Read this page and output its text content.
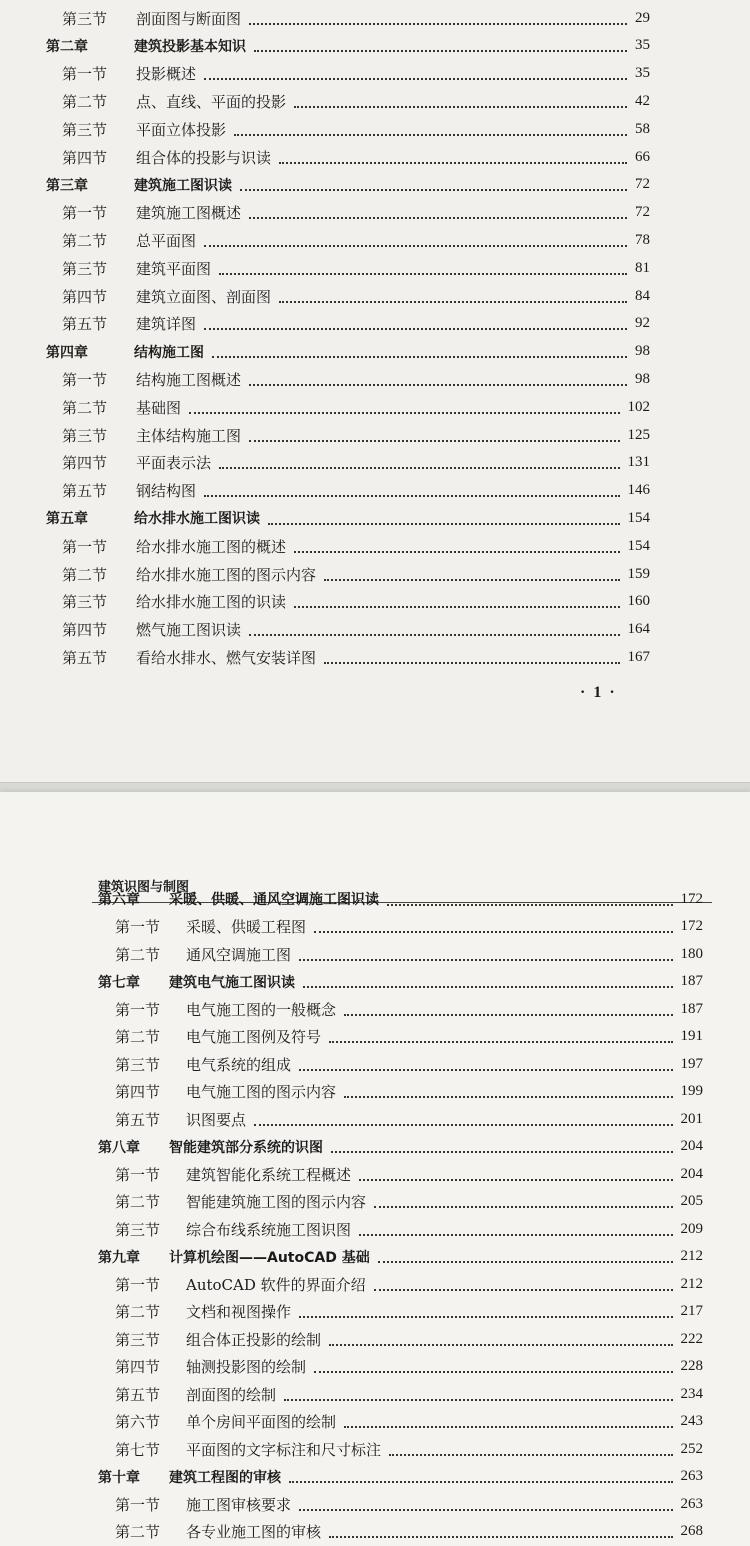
第三节	剖面图与断面图	29
第二章	建筑投影基本知识	35
第一节	投影概述	35
第二节	点、直线、平面的投影	42
第三节	平面立体投影	58
第四节	组合体的投影与识读	66
第三章	建筑施工图识读	72
第一节	建筑施工图概述	72
第二节	总平面图	78
第三节	建筑平面图	81
第四节	建筑立面图、剖面图	84
第五节	建筑详图	92
第四章	结构施工图	98
第一节	结构施工图概述	98
第二节	基础图	102
第三节	主体结构施工图	125
第四节	平面表示法	131
第五节	钢结构图	146
第五章	给水排水施工图识读	154
第一节	给水排水施工图的概述	154
第二节	给水排水施工图的图示内容	159
第三节	给水排水施工图的识读	160
第四节	燃气施工图识读	164
第五节	看给水排水、燃气安装详图	167
· 1 ·
建筑识图与制图
第六章	采暖、供暖、通风空调施工图识读	172
第一节	采暖、供暖工程图	172
第二节	通风空调施工图	180
第七章	建筑电气施工图识读	187
第一节	电气施工图的一般概念	187
第二节	电气施工图例及符号	191
第三节	电气系统的组成	197
第四节	电气施工图的图示内容	199
第五节	识图要点	201
第八章	智能建筑部分系统的识图	204
第一节	建筑智能化系统工程概述	204
第二节	智能建筑施工图的图示内容	205
第三节	综合布线系统施工图识图	209
第九章	计算机绘图——AutoCAD 基础	212
第一节	AutoCAD 软件的界面介绍	212
第二节	文档和视图操作	217
第三节	组合体正投影的绘制	222
第四节	轴测投影图的绘制	228
第五节	剖面图的绘制	234
第六节	单个房间平面图的绘制	243
第七节	平面图的文字标注和尺寸标注	252
第十章	建筑工程图的审核	263
第一节	施工图审核要求	263
第二节	各专业施工图的审核	268
